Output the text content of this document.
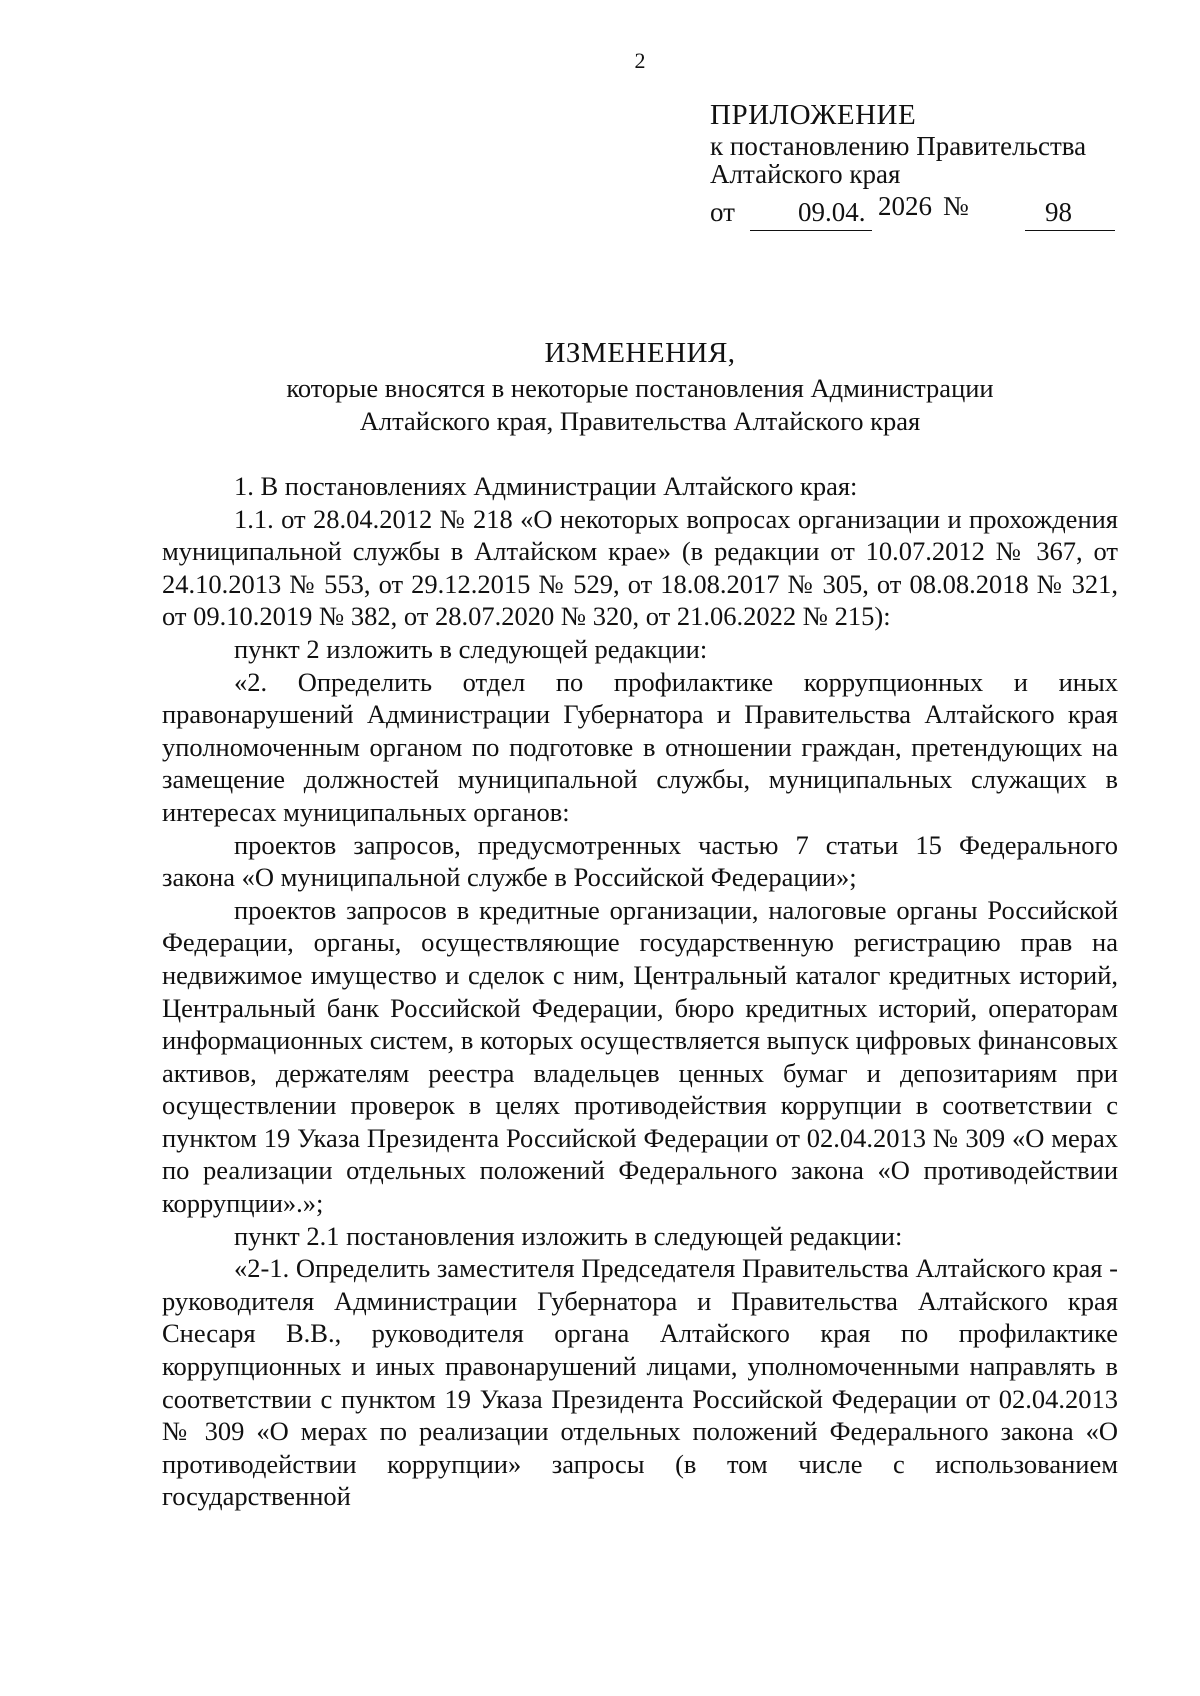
2
ПРИЛОЖЕНИЕ
к постановлению Правительства
Алтайского края
от 09.04. 2026 №	98
ИЗМЕНЕНИЯ,
которые вносятся в некоторые постановления Администрации
Алтайского края, Правительства Алтайского края

1. В постановлениях Администрации Алтайского края:

1.1. от 28.04.2012 № 218 «О некоторых вопросах организации и прохождения муниципальной службы в Алтайском крае» (в редакции от 10.07.2012 № 367, от 24.10.2013 № 553, от 29.12.2015 № 529, от 18.08.2017 № 305, от 08.08.2018 № 321, от 09.10.2019 № 382, от 28.07.2020 № 320, от 21.06.2022 № 215):

пункт 2 изложить в следующей редакции:

«2. Определить отдел по профилактике коррупционных и иных правонарушений Администрации Губернатора и Правительства Алтайского края уполномоченным органом по подготовке в отношении граждан, претендующих на замещение должностей муниципальной службы, муниципальных служащих в интересах муниципальных органов:

проектов запросов, предусмотренных частью 7 статьи 15 Федерального закона «О муниципальной службе в Российской Федерации»;

проектов запросов в кредитные организации, налоговые органы Российской Федерации, органы, осуществляющие государственную регистрацию прав на недвижимое имущество и сделок с ним, Центральный каталог кредитных историй, Центральный банк Российской Федерации, бюро кредитных историй, операторам информационных систем, в которых осуществляется выпуск цифровых финансовых активов, держателям реестра владельцев ценных бумаг и депозитариям при осуществлении проверок в целях противодействия коррупции в соответствии с пунктом 19 Указа Президента Российской Федерации от 02.04.2013 № 309 «О мерах по реализации отдельных положений Федерального закона «О противодействии коррупции».»;

пункт 2.1 постановления изложить в следующей редакции:

«2-1. Определить заместителя Председателя Правительства Алтайского края - руководителя Администрации Губернатора и Правительства Алтайского края Снесаря В.В., руководителя органа Алтайского края по профилактике коррупционных и иных правонарушений лицами, уполномоченными направлять в соответствии с пунктом 19 Указа Президента Российской Федерации от 02.04.2013 № 309 «О мерах по реализации отдельных положений Федерального закона «О противодействии коррупции» запросы (в том числе с использованием государственной
